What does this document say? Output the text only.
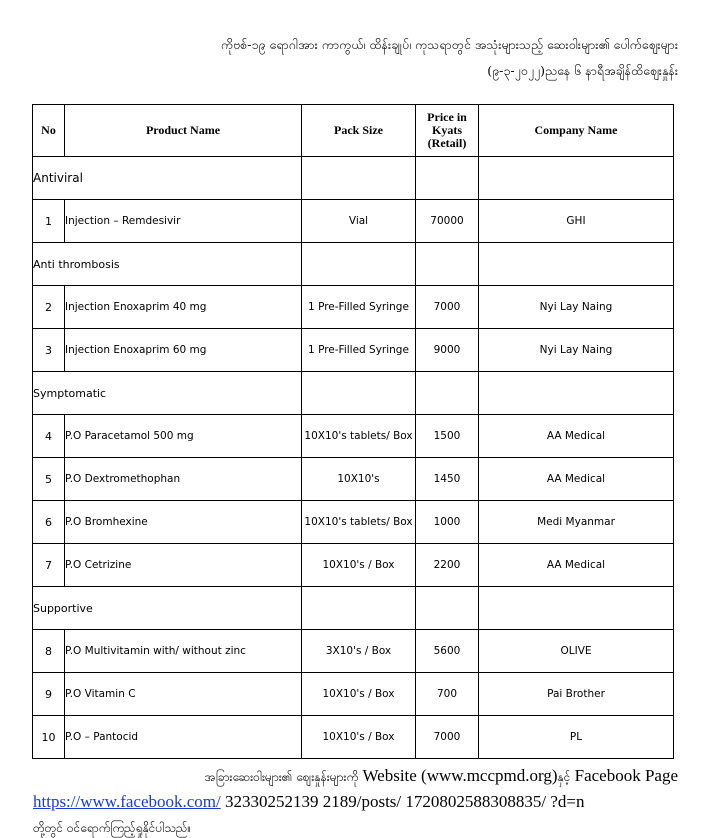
ကိုဗစ်-၁၉ ရောဂါအား ကာကွယ်၊ ထိန်းချုပ်၊ ကုသရာတွင် အသုံးများသည့် ဆေးဝါးများ၏ ပေါက်ဈေးများ
(၉-၃-၂၀၂၂)ညနေ ၆ နာရီအချိန်ထိဈေးနှုန်း
No	Product Name	Pack Size	Price in Kyats (Retail)	Company Name
Antiviral				
1	Injection – Remdesivir	Vial	70000	GHI
Anti thrombosis				
2	Injection Enoxaprim 40 mg	1 Pre-Filled Syringe	7000	Nyi Lay Naing
3	Injection Enoxaprim 60 mg	1 Pre-Filled Syringe	9000	Nyi Lay Naing
Symptomatic				
4	P.O Paracetamol 500 mg	10X10's tablets/ Box	1500	AA Medical
5	P.O Dextromethophan	10X10's	1450	AA Medical
6	P.O Bromhexine	10X10's tablets/ Box	1000	Medi Myanmar
7	P.O Cetrizine	10X10's / Box	2200	AA Medical
Supportive				
8	P.O Multivitamin with/ without zinc	3X10's / Box	5600	OLIVE
9	P.O Vitamin C	10X10's / Box	700	Pai Brother
10	P.O – Pantocid	10X10's / Box	7000	PL
အခြားဆေးဝါးများ၏ ဈေးနှုန်းများကို Website (www.mccpmd.org)နှင့် Facebook Page
https://www.facebook.com/ 32330252139 2189/posts/ 1720802588308835/ ?d=n
တို့တွင် ဝင်ရောက်ကြည့်ရှုနိုင်ပါသည်။
